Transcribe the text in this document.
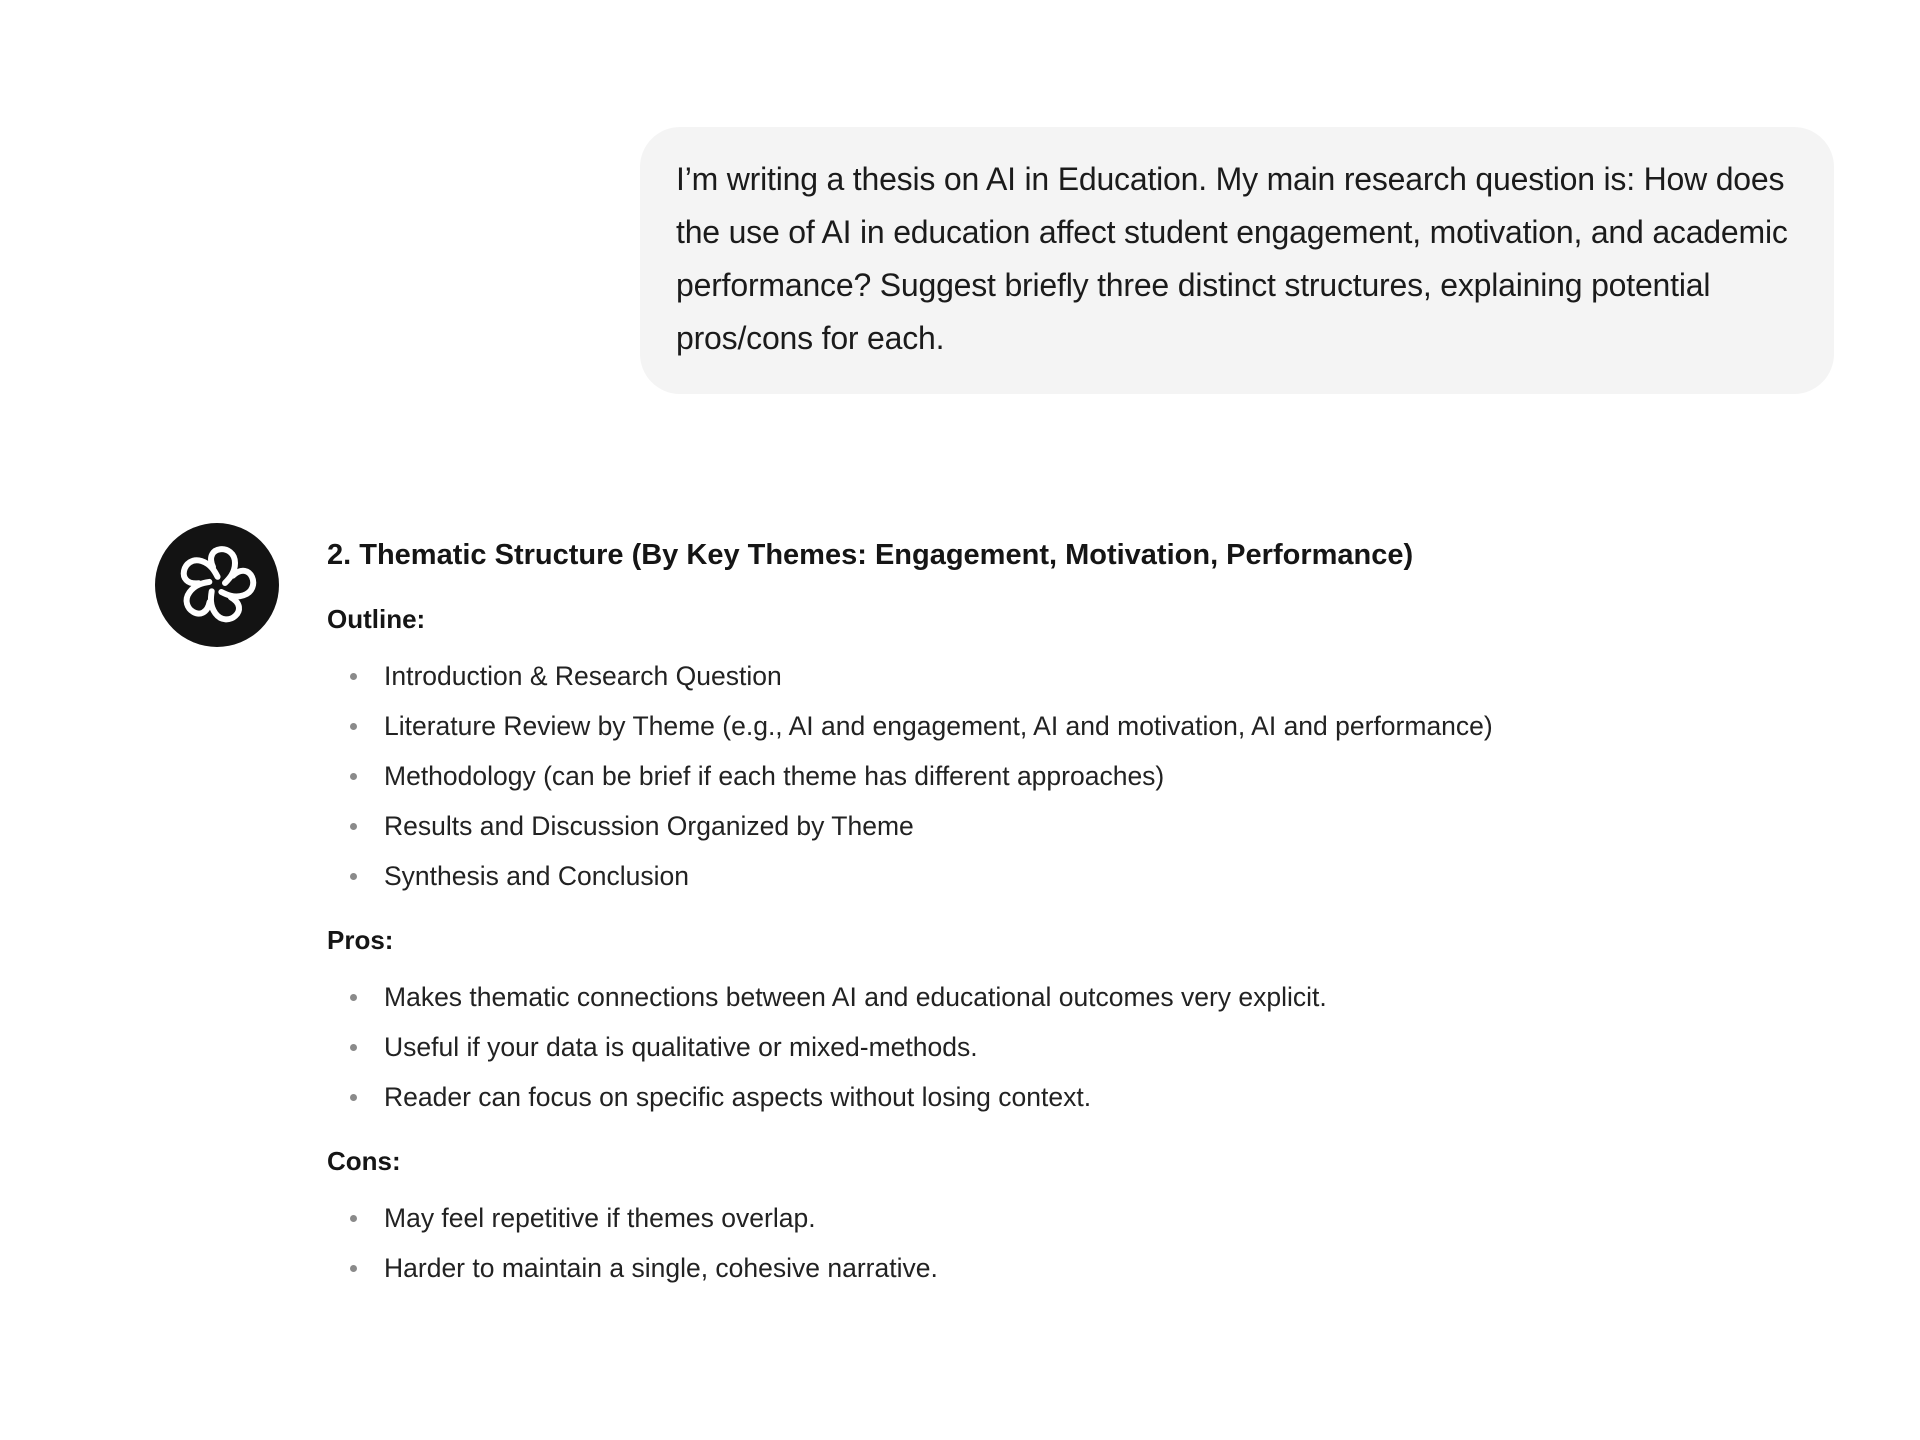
I’m writing a thesis on AI in Education. My main research question is: How does the use of AI in education affect student engagement, motivation, and academic performance? Suggest briefly three distinct structures, explaining potential pros/cons for each.

2. Thematic Structure (By Key Themes: Engagement, Motivation, Performance)

Outline:

Introduction & Research Question
Literature Review by Theme (e.g., AI and engagement, AI and motivation, AI and performance)
Methodology (can be brief if each theme has different approaches)
Results and Discussion Organized by Theme
Synthesis and Conclusion

Pros:

Makes thematic connections between AI and educational outcomes very explicit.
Useful if your data is qualitative or mixed-methods.
Reader can focus on specific aspects without losing context.

Cons:

May feel repetitive if themes overlap.
Harder to maintain a single, cohesive narrative.
